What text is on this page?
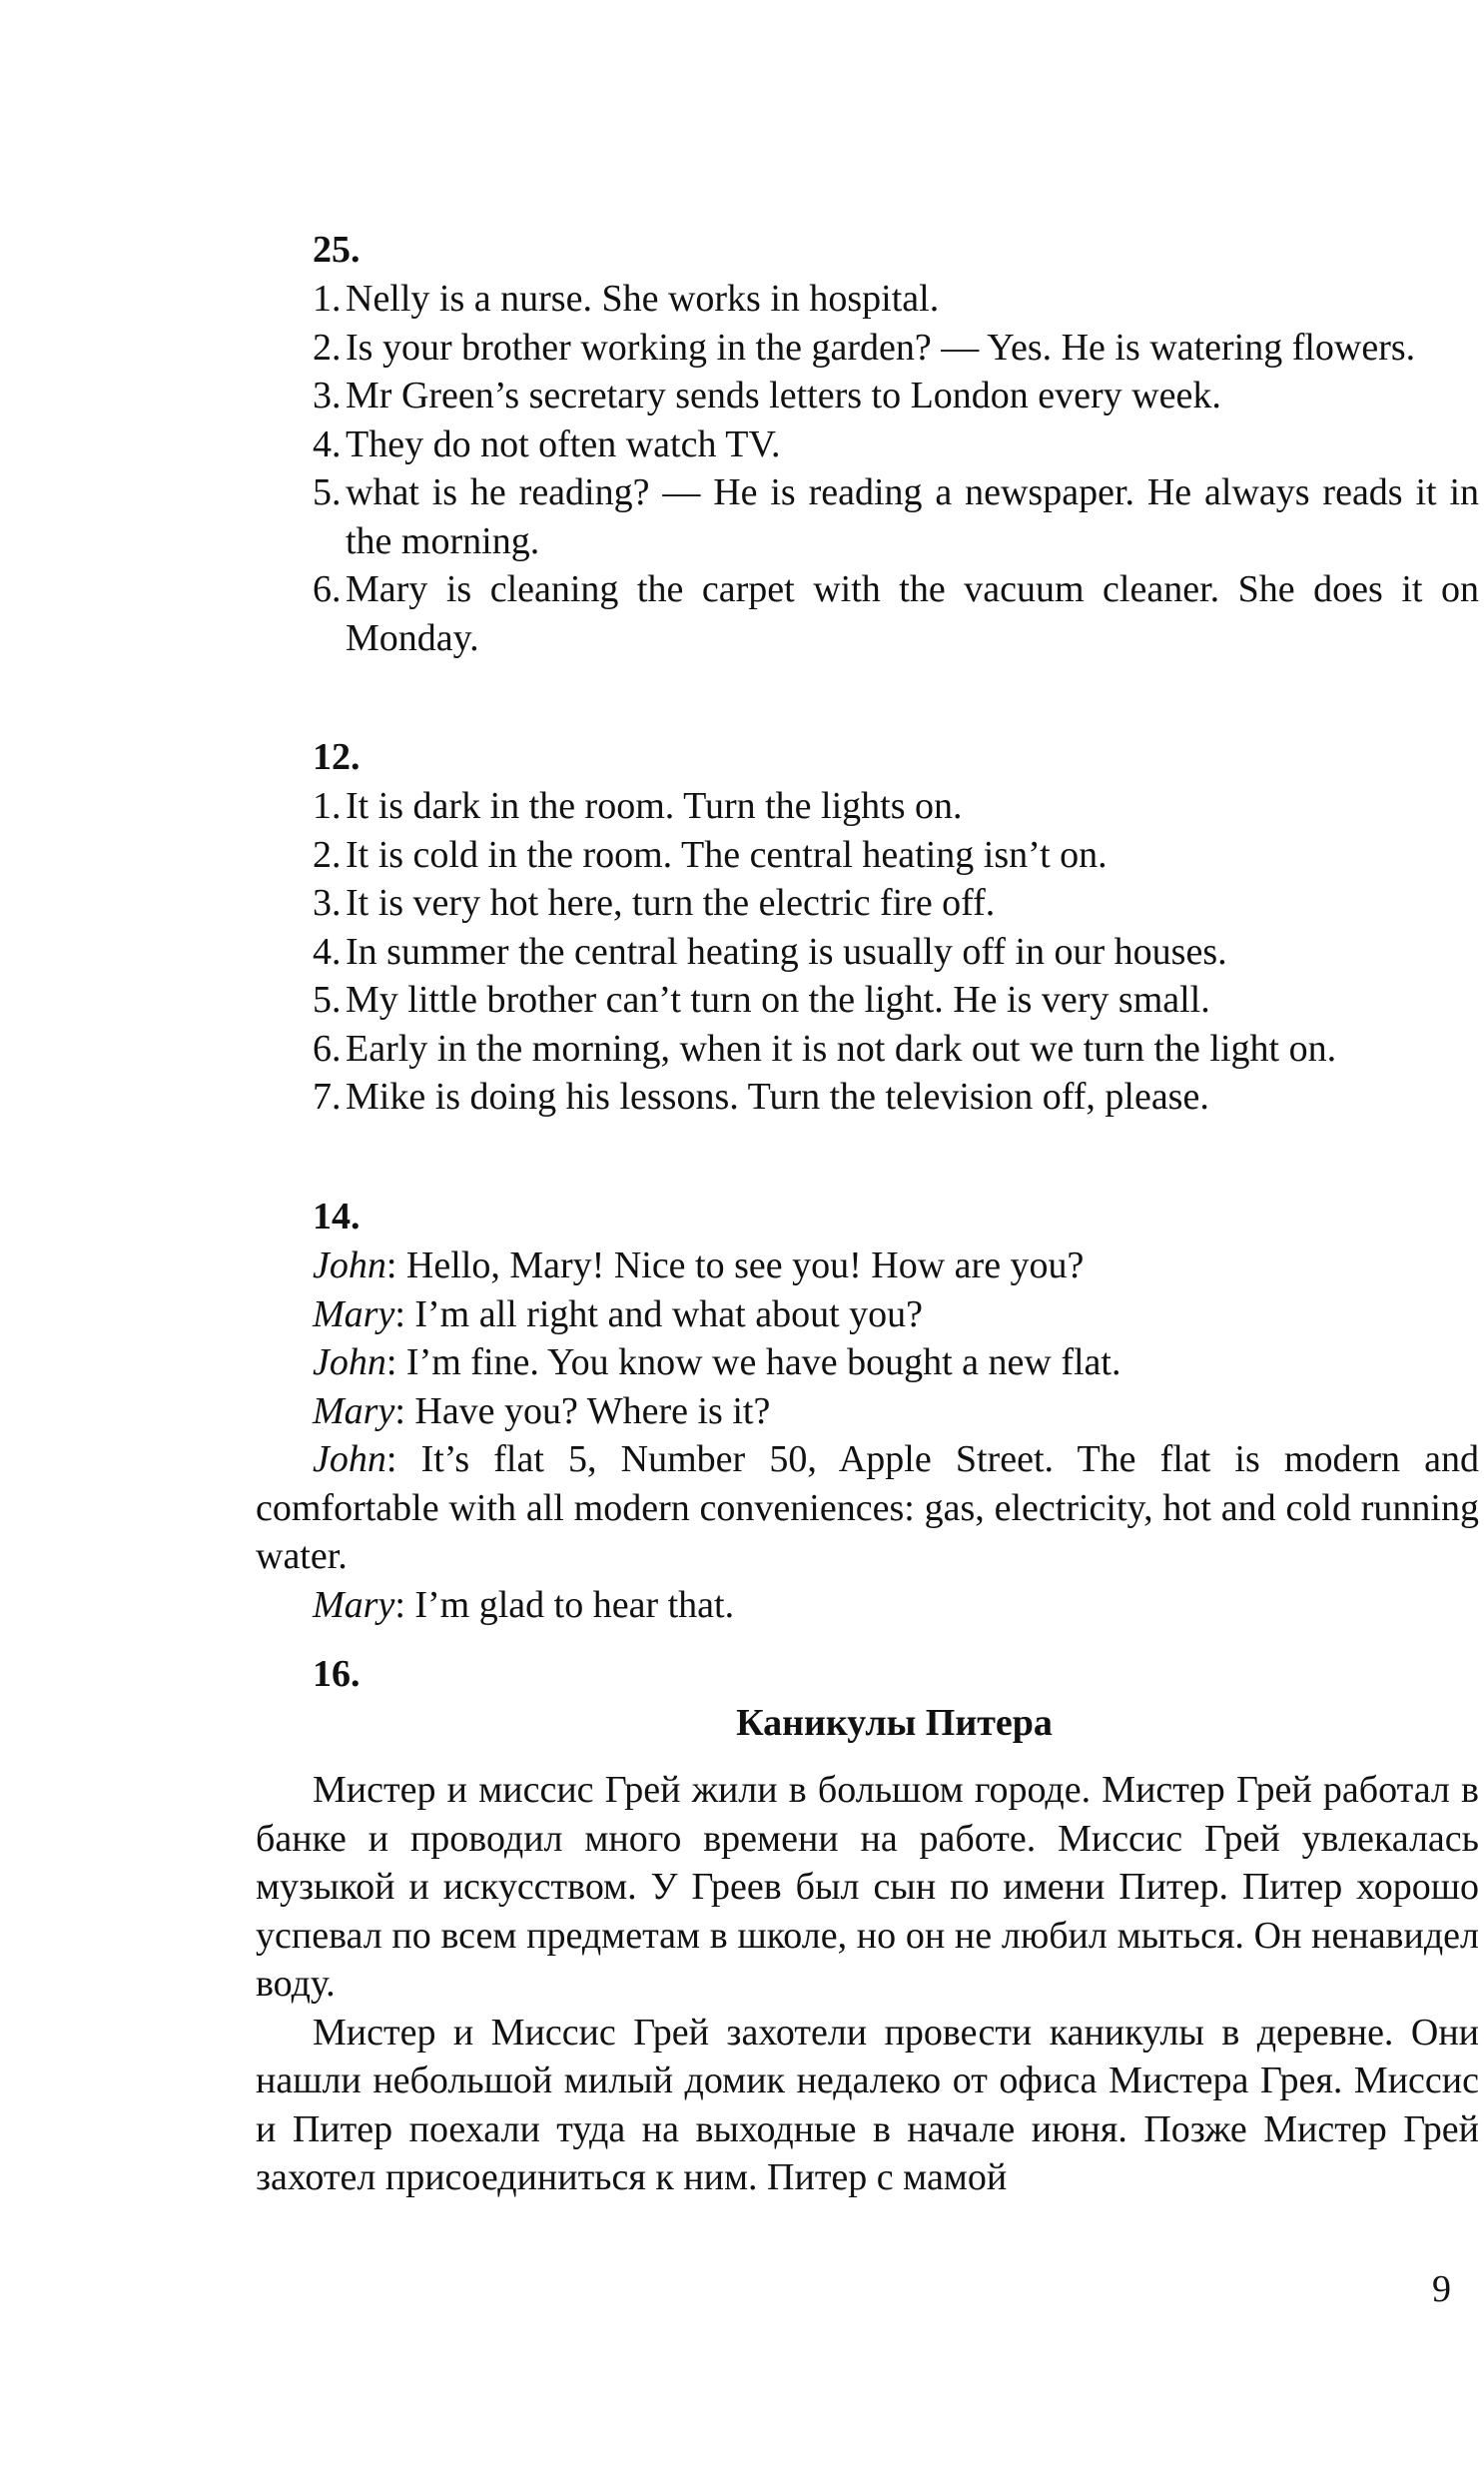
25.
1 . Nelly is a nurse. She works in hospital.
2 . Is your brother working in the garden? — Yes. He is watering flowers.
3 . Mr Green’s secretary sends letters to London every week.
4 . They do not often watch TV.
5 . what is he reading? — He is reading a newspaper. He always reads it in the morning.
6 . Mary is cleaning the carpet with the vacuum cleaner. She does it on Monday.
12.
1 . It is dark in the room. Turn the lights on.
2 . It is cold in the room. The central heating isn’t on.
3 . It is very hot here, turn the electric fire off.
4 . In summer the central heating is usually off in our houses.
5 . My little brother can’t turn on the light. He is very small.
6 . Early in the morning, when it is not dark out we turn the light on.
7 . Mike is doing his lessons. Turn the television off, please.
14.
John: Hello, Mary! Nice to see you! How are you?
Mary: I’m all right and what about you?
John: I’m fine. You know we have bought a new flat.
Mary: Have you? Where is it?
John: It’s flat 5, Number 50, Apple Street. The flat is modern and comfortable with all modern conveniences: gas, electricity, hot and cold running water.
Mary: I’m glad to hear that.
16.
Каникулы Питера

Мистер и миссис Грей жили в большом городе. Мистер Грей работал в банке и проводил много времени на работе. Миссис Грей увлекалась музыкой и искусством. У Греев был сын по имени Питер. Питер хорошо успевал по всем предметам в школе, но он не любил мыться. Он ненавидел воду.

Мистер и Миссис Грей захотели провести каникулы в деревне. Они нашли небольшой милый домик недалеко от офиса Мистера Грея. Миссис и Питер поехали туда на выходные в начале июня. Позже Мистер Грей захотел присоединиться к ним. Питер с мамой

9
